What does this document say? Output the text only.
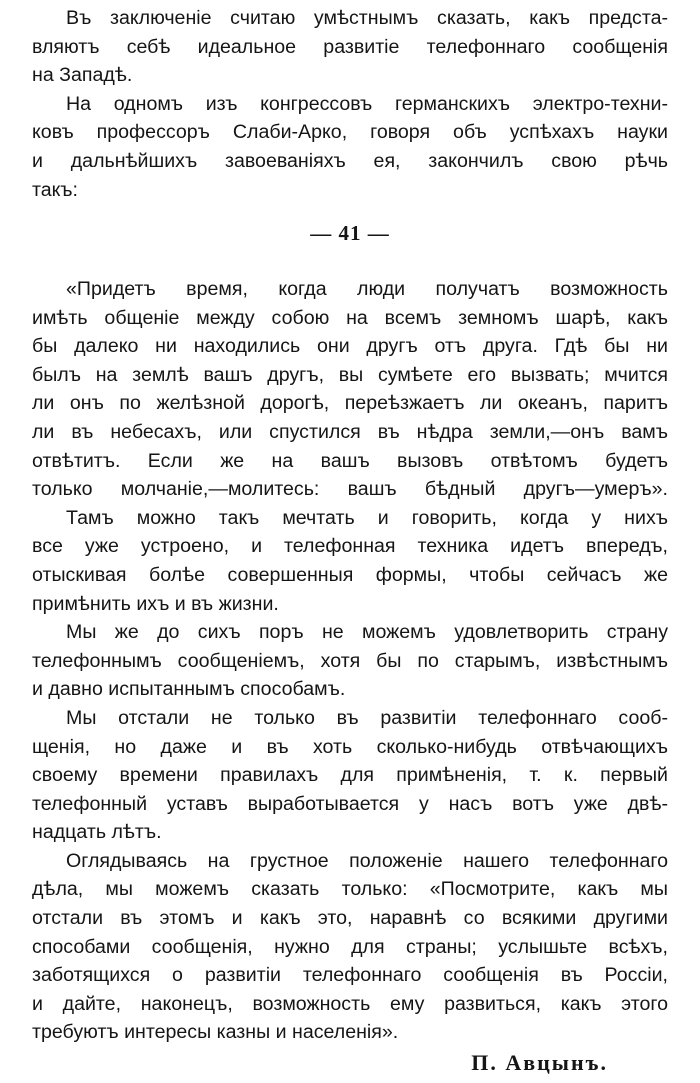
Въ заключеніе считаю умѣстнымъ сказать, какъ предста-
вляютъ себѣ идеальное развитіе телефоннаго сообщенія
на Западѣ.
На одномъ изъ конгрессовъ германскихъ электро-техни-
ковъ профессоръ Слаби-Арко, говоря объ успѣхахъ науки
и дальнѣйшихъ завоеваніяхъ ея, закончилъ свою рѣчь
такъ:
— 41 —
«Придетъ время, когда люди получатъ возможность
имѣть общеніе между собою на всемъ земномъ шарѣ, какъ
бы далеко ни находились они другъ отъ друга. Гдѣ бы ни
былъ на землѣ вашъ другъ, вы сумѣете его вызвать; мчится
ли онъ по желѣзной дорогѣ, переѣзжаетъ ли океанъ, паритъ
ли въ небесахъ, или спустился въ нѣдра земли,—онъ вамъ
отвѣтитъ. Если же на вашъ вызовъ отвѣтомъ будетъ
только молчаніе,—молитесь: вашъ бѣдный другъ—умеръ».
Тамъ можно такъ мечтать и говорить, когда у нихъ
все уже устроено, и телефонная техника идетъ впередъ,
отыскивая болѣе совершенныя формы, чтобы сейчасъ же
примѣнить ихъ и въ жизни.
Мы же до сихъ поръ не можемъ удовлетворить страну
телефоннымъ сообщеніемъ, хотя бы по старымъ, извѣстнымъ
и давно испытаннымъ способамъ.
Мы отстали не только въ развитіи телефоннаго сооб-
щенія, но даже и въ хоть сколько-нибудь отвѣчающихъ
своему времени правилахъ для примѣненія, т. к. первый
телефонный уставъ выработывается у насъ вотъ уже двѣ-
надцать лѣтъ.
Оглядываясь на грустное положеніе нашего телефоннаго
дѣла, мы можемъ сказать только: «Посмотрите, какъ мы
отстали въ этомъ и какъ это, наравнѣ со всякими другими
способами сообщенія, нужно для страны; услышьте всѣхъ,
заботящихся о развитіи телефоннаго сообщенія въ Россіи,
и дайте, наконецъ, возможность ему развиться, какъ этого
требуютъ интересы казны и населенія».
П. Авцынъ.
